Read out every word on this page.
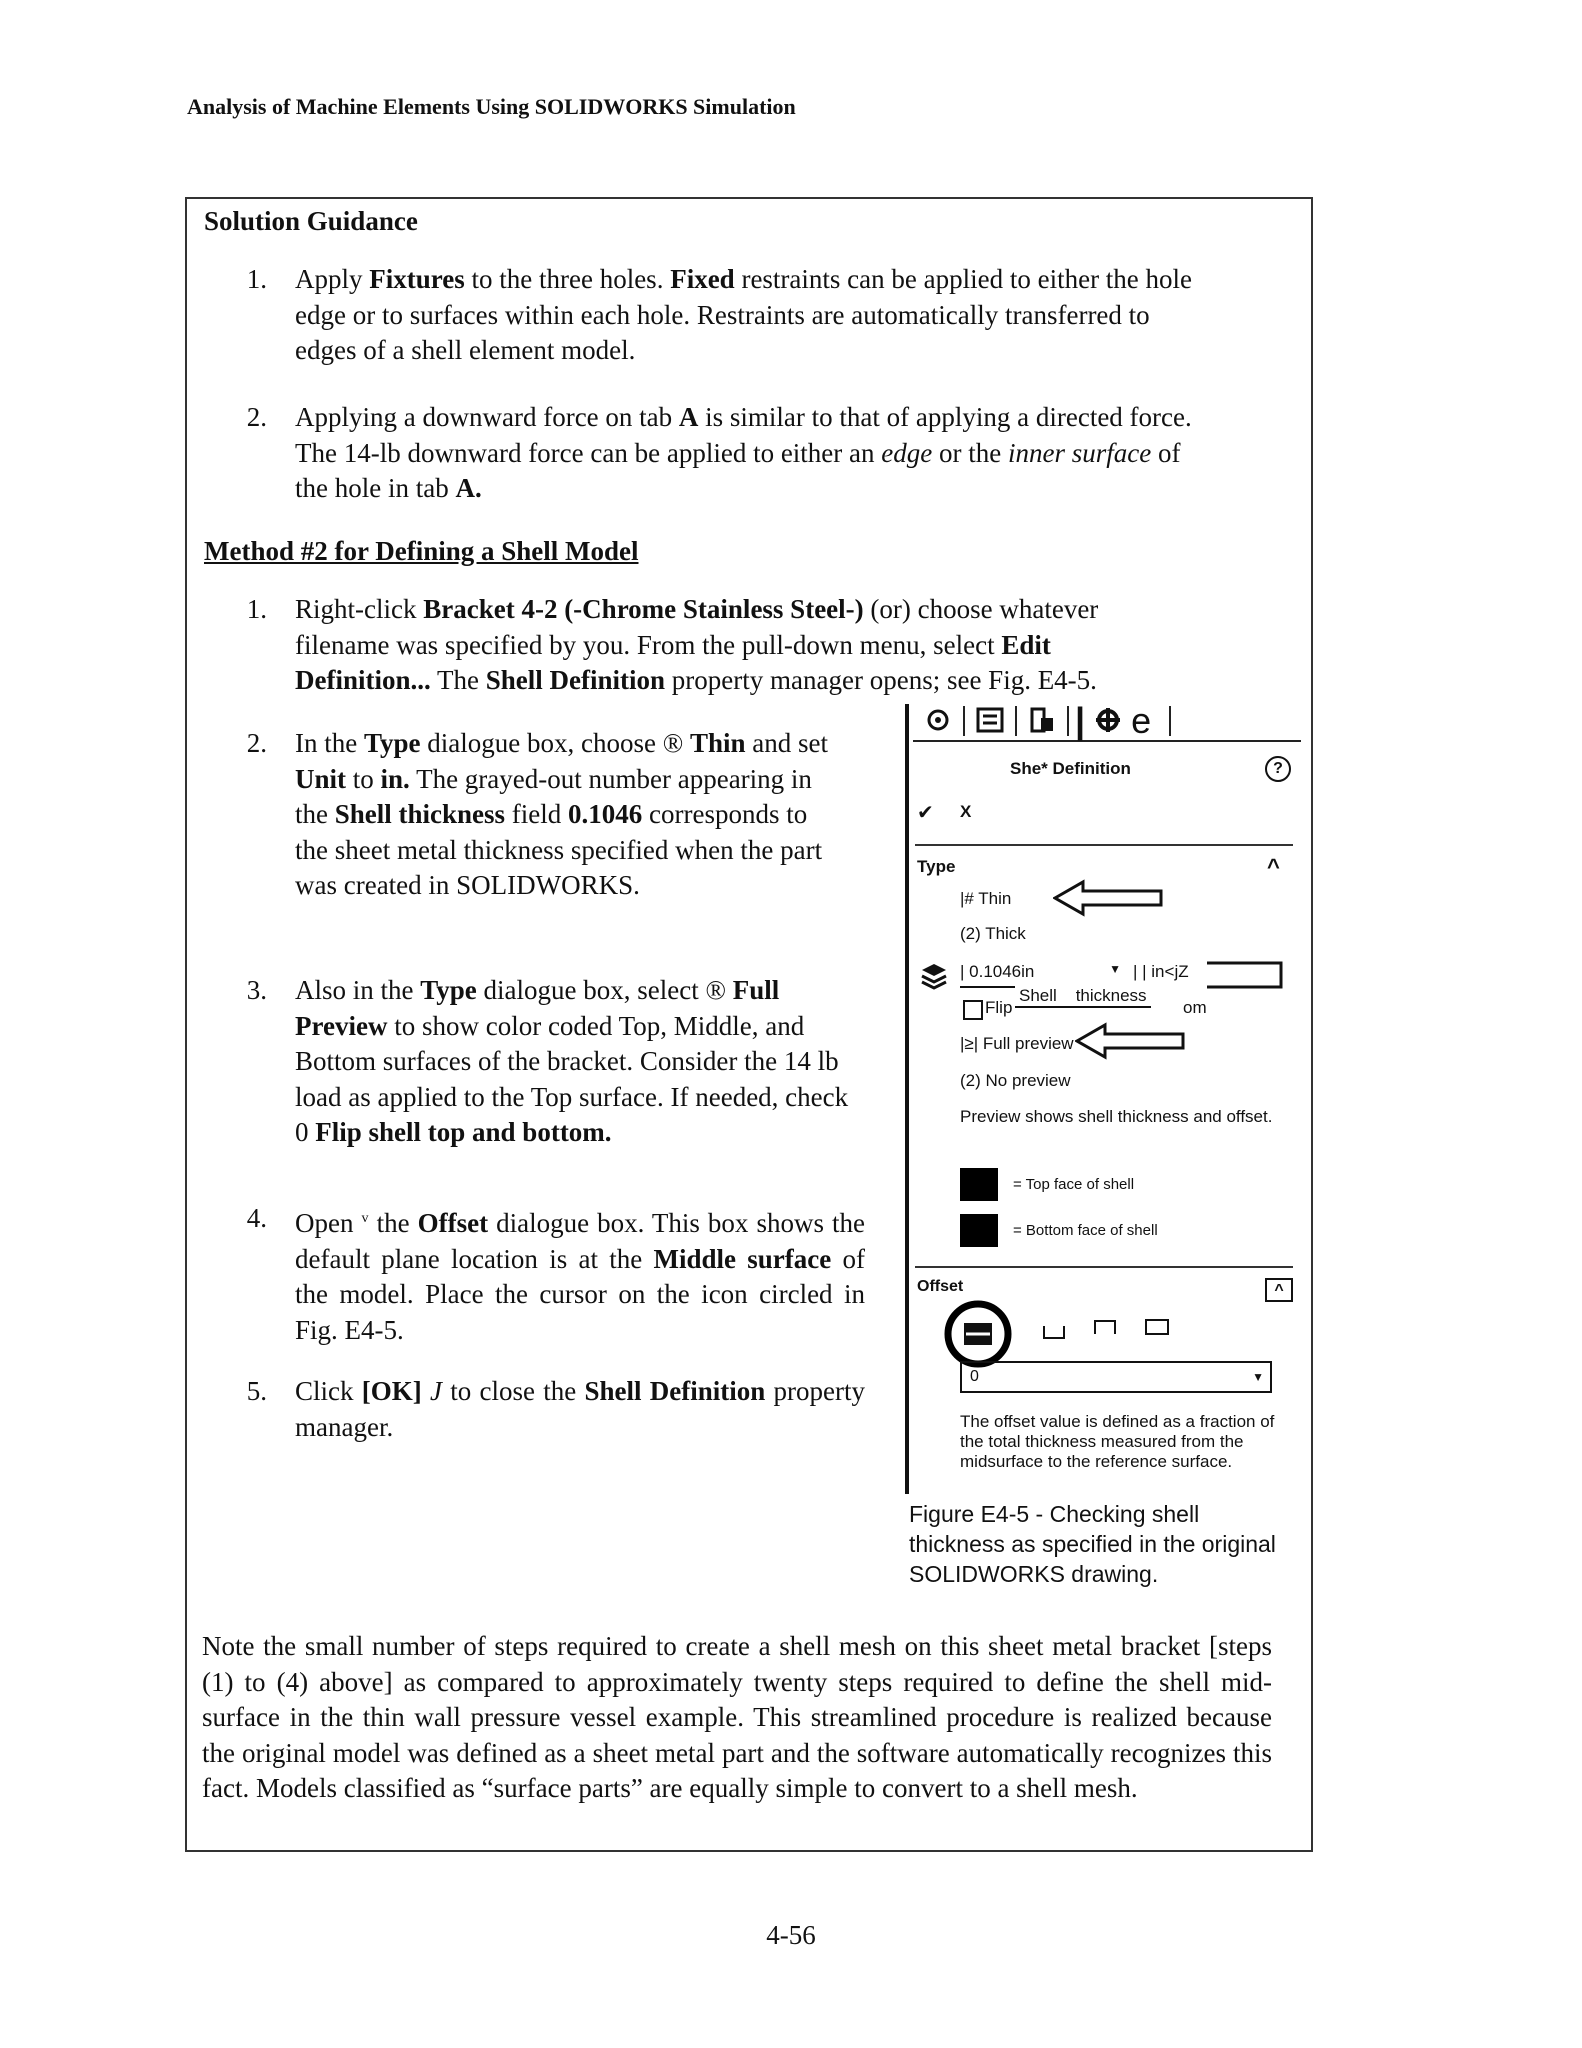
Analysis of Machine Elements Using SOLIDWORKS Simulation
Solution Guidance
1. Apply Fixtures to the three holes. Fixed restraints can be applied to either the hole edge or to surfaces within each hole. Restraints are automatically transferred to edges of a shell element model.
2. Applying a downward force on tab A is similar to that of applying a directed force. The 14-lb downward force can be applied to either an edge or the inner surface of the hole in tab A.
Method #2 for Defining a Shell Model
1. Right-click Bracket 4-2 (-Chrome Stainless Steel-) (or) choose whatever filename was specified by you. From the pull-down menu, select Edit Definition... The Shell Definition property manager opens; see Fig. E4-5.
2. In the Type dialogue box, choose ® Thin and set Unit to in. The grayed-out number appearing in the Shell thickness field 0.1046 corresponds to the sheet metal thickness specified when the part was created in SOLIDWORKS.
3. Also in the Type dialogue box, select ® Full Preview to show color coded Top, Middle, and Bottom surfaces of the bracket. Consider the 14 lb load as applied to the Top surface. If needed, check 0 Flip shell top and bottom.
4. Open $^v$ the Offset dialogue box. This box shows the default plane location is at the Middle surface of the model. Place the cursor on the icon circled in Fig. E4-5.
5. Click [OK] J to close the Shell Definition property manager.
| e
She* Definition	?
✔ X
Type	^
|# Thin
(2) Thick
| 0.1046in	▼ | | in<jZ
Flip
Shell    thickness
om
|≥| Full preview
(2) No preview
Preview shows shell thickness and offset.
= Top face of shell
= Bottom face of shell
Offset	^
0	▼
The offset value is defined as a fraction of the total thickness measured from the midsurface to the reference surface.
Figure E4-5 - Checking shell thickness as specified in the original SOLIDWORKS drawing.
Note the small number of steps required to create a shell mesh on this sheet metal bracket [steps (1) to (4) above] as compared to approximately twenty steps required to define the shell mid-surface in the thin wall pressure vessel example. This streamlined procedure is realized because the original model was defined as a sheet metal part and the software automatically recognizes this fact. Models classified as “surface parts” are equally simple to convert to a shell mesh.
4-56
